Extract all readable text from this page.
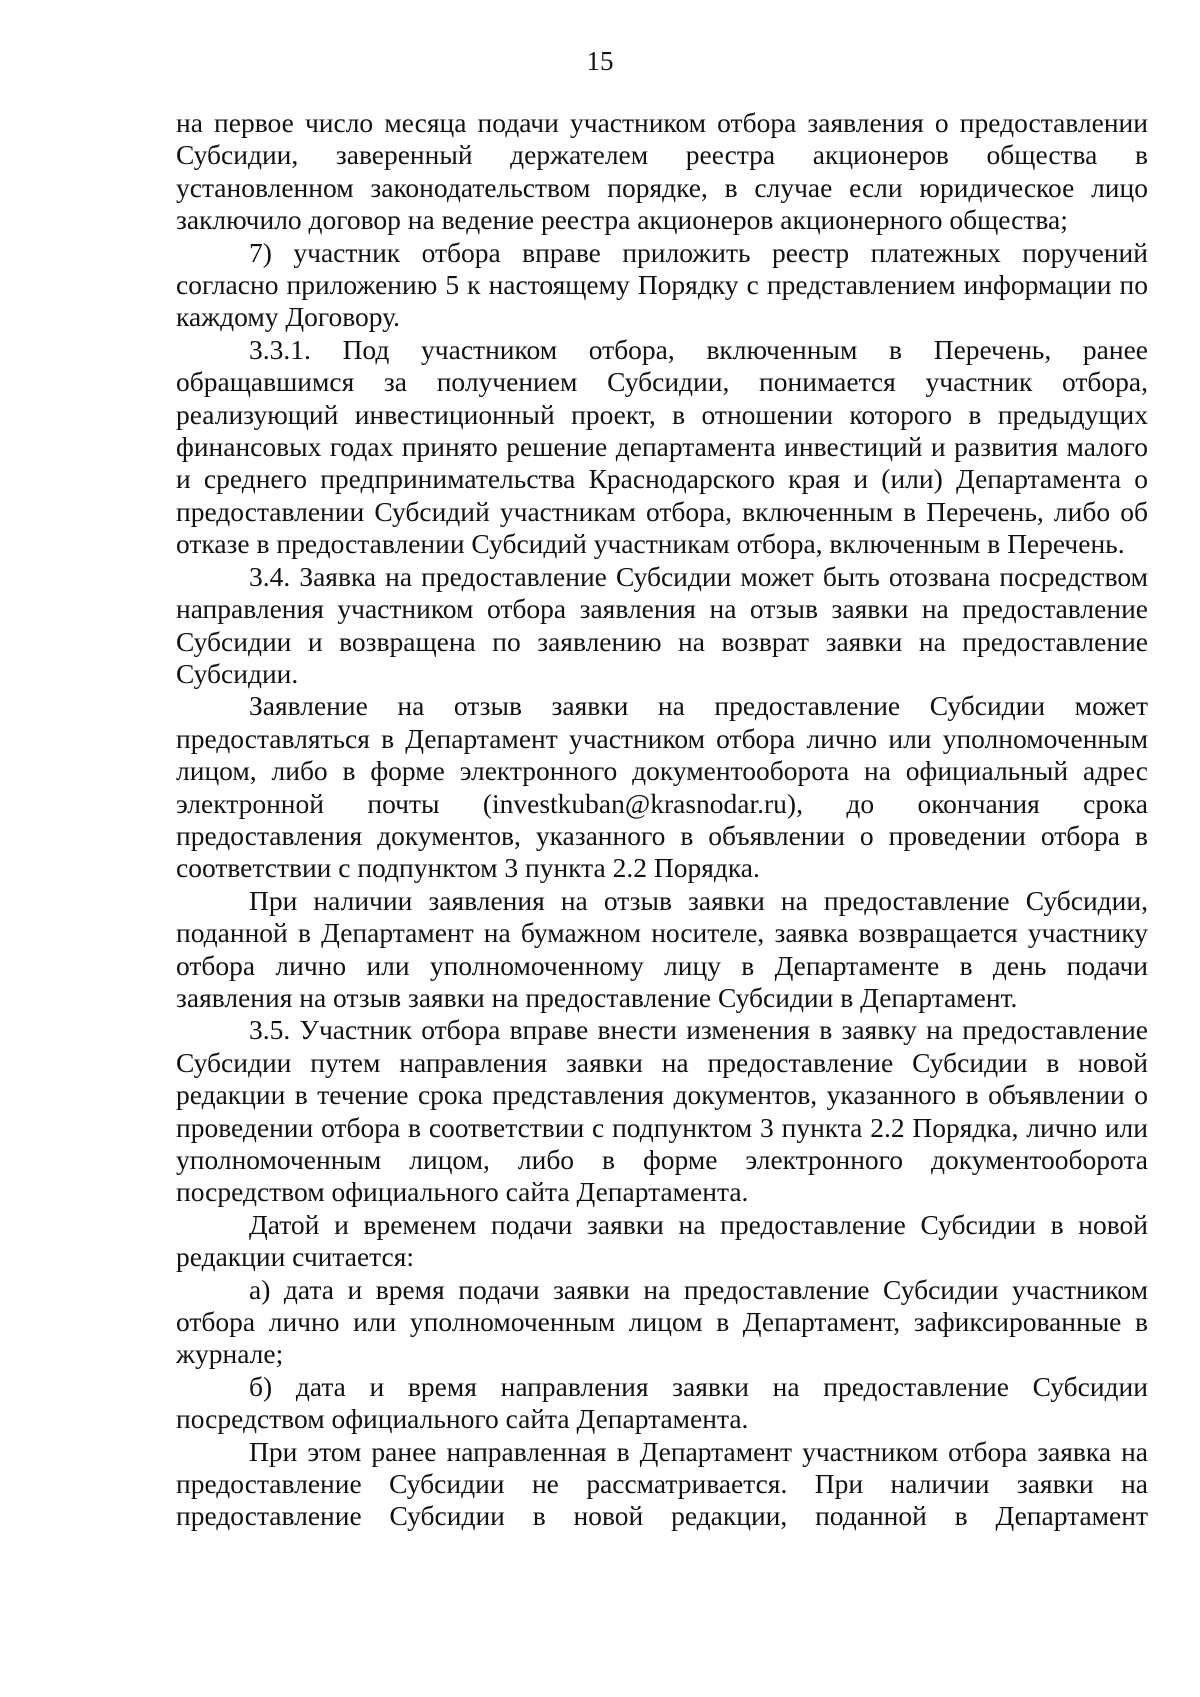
15

на первое число месяца подачи участником отбора заявления о предоставлении Субсидии, заверенный держателем реестра акционеров общества в установленном законодательством порядке, в случае если юридическое лицо заключило договор на ведение реестра акционеров акционерного общества;

7) участник отбора вправе приложить реестр платежных поручений согласно приложению 5 к настоящему Порядку с представлением информации по каждому Договору.

3.3.1. Под участником отбора, включенным в Перечень, ранее обращавшимся за получением Субсидии, понимается участник отбора, реализующий инвестиционный проект, в отношении которого в предыдущих финансовых годах принято решение департамента инвестиций и развития малого и среднего предпринимательства Краснодарского края и (или) Департамента о предоставлении Субсидий участникам отбора, включенным в Перечень, либо об отказе в предоставлении Субсидий участникам отбора, включенным в Перечень.

3.4. Заявка на предоставление Субсидии может быть отозвана посредством направления участником отбора заявления на отзыв заявки на предоставление Субсидии и возвращена по заявлению на возврат заявки на предоставление Субсидии.

Заявление на отзыв заявки на предоставление Субсидии может предоставляться в Департамент участником отбора лично или уполномоченным лицом, либо в форме электронного документооборота на официальный адрес электронной почты (investkuban@krasnodar.ru), до окончания срока предоставления документов, указанного в объявлении о проведении отбора в соответствии с подпунктом 3 пункта 2.2 Порядка.

При наличии заявления на отзыв заявки на предоставление Субсидии, поданной в Департамент на бумажном носителе, заявка возвращается участнику отбора лично или уполномоченному лицу в Департаменте в день подачи заявления на отзыв заявки на предоставление Субсидии в Департамент.

3.5. Участник отбора вправе внести изменения в заявку на предоставление Субсидии путем направления заявки на предоставление Субсидии в новой редакции в течение срока представления документов, указанного в объявлении о проведении отбора в соответствии с подпунктом 3 пункта 2.2 Порядка, лично или уполномоченным лицом, либо в форме электронного документооборота посредством официального сайта Департамента.

Датой и временем подачи заявки на предоставление Субсидии в новой редакции считается:

а) дата и время подачи заявки на предоставление Субсидии участником отбора лично или уполномоченным лицом в Департамент, зафиксированные в журнале;

б) дата и время направления заявки на предоставление Субсидии посредством официального сайта Департамента.

При этом ранее направленная в Департамент участником отбора заявка на предоставление Субсидии не рассматривается. При наличии заявки на предоставление Субсидии в новой редакции, поданной в Департамент
